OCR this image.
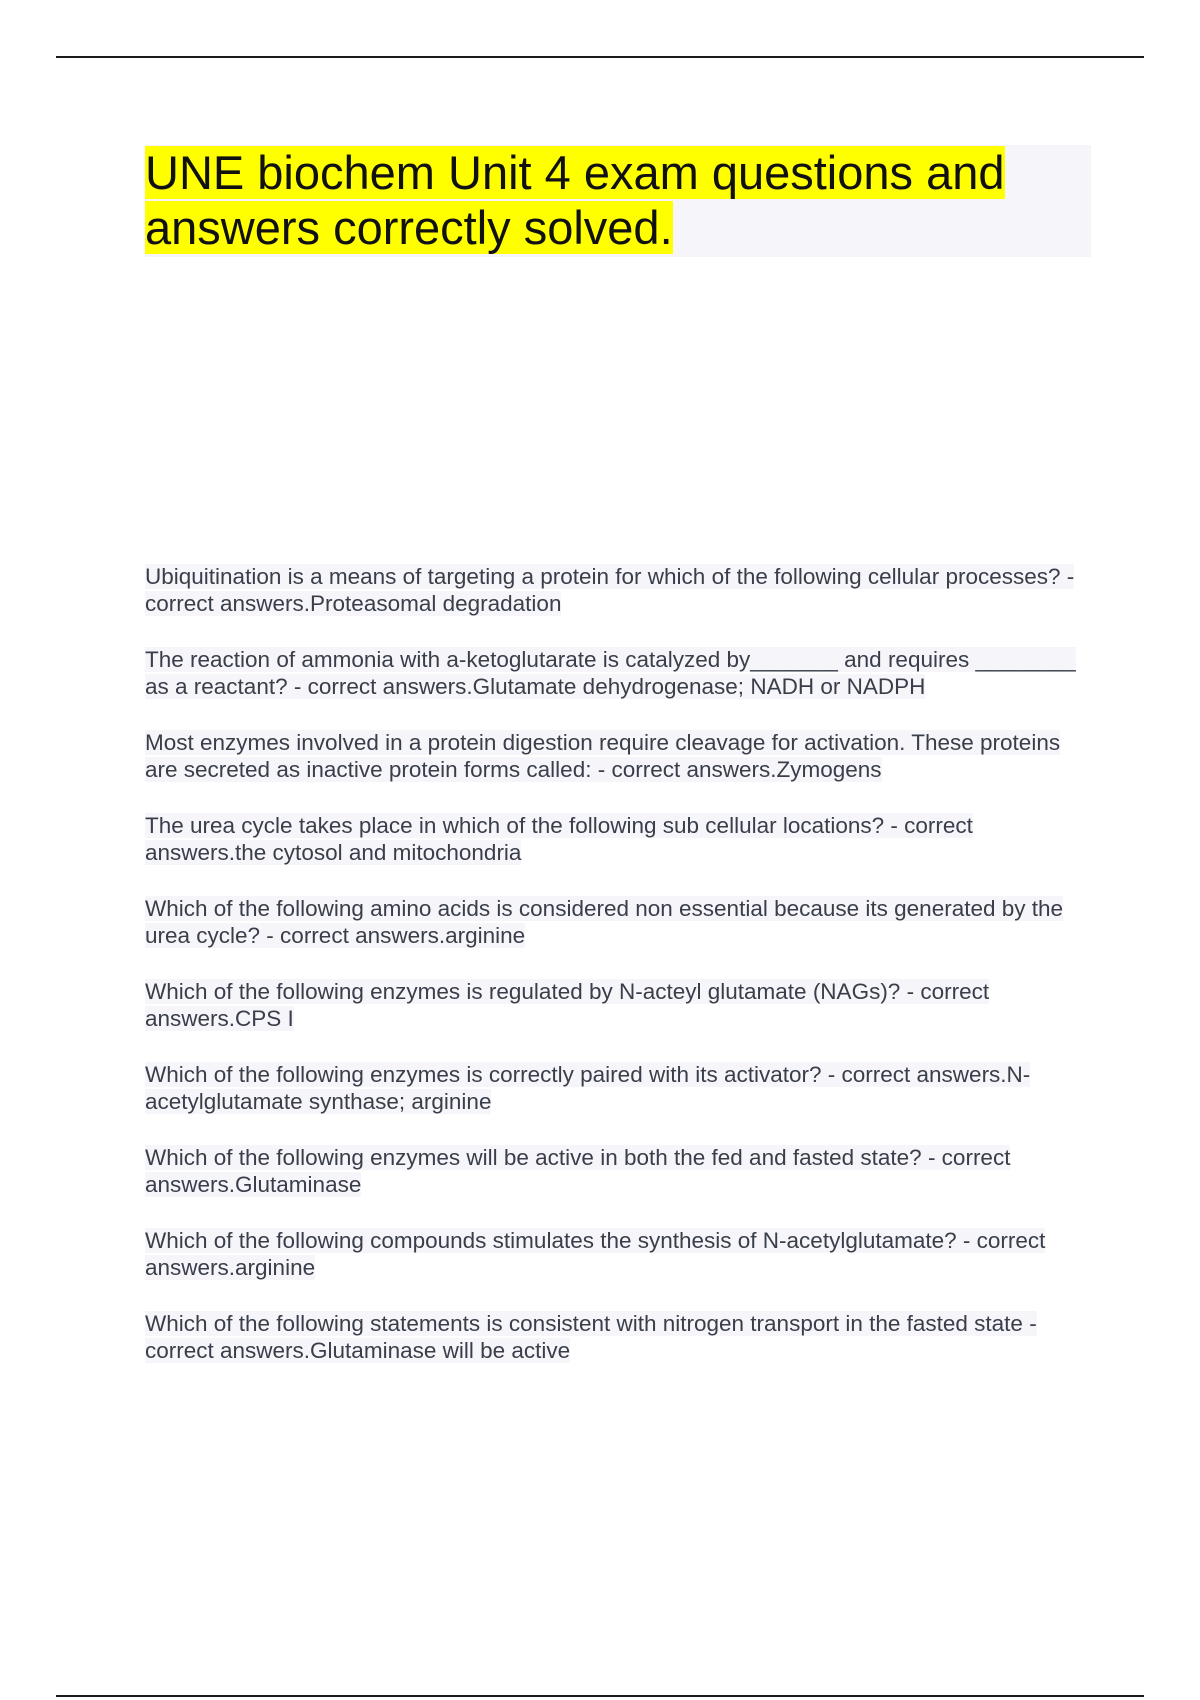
UNE biochem Unit 4 exam questions and answers correctly solved.

Ubiquitination is a means of targeting a protein for which of the following cellular processes? - correct answers.Proteasomal degradation

The reaction of ammonia with a-ketoglutarate is catalyzed by_______ and requires ________ as a reactant? - correct answers.Glutamate dehydrogenase; NADH or NADPH

Most enzymes involved in a protein digestion require cleavage for activation. These proteins are secreted as inactive protein forms called: - correct answers.Zymogens

The urea cycle takes place in which of the following sub cellular locations? - correct answers.the cytosol and mitochondria

Which of the following amino acids is considered non essential because its generated by the urea cycle? - correct answers.arginine

Which of the following enzymes is regulated by N-acteyl glutamate (NAGs)? - correct answers.CPS I

Which of the following enzymes is correctly paired with its activator? - correct answers.N-acetylglutamate synthase; arginine

Which of the following enzymes will be active in both the fed and fasted state? - correct answers.Glutaminase

Which of the following compounds stimulates the synthesis of N-acetylglutamate? - correct answers.arginine

Which of the following statements is consistent with nitrogen transport in the fasted state - correct answers.Glutaminase will be active
